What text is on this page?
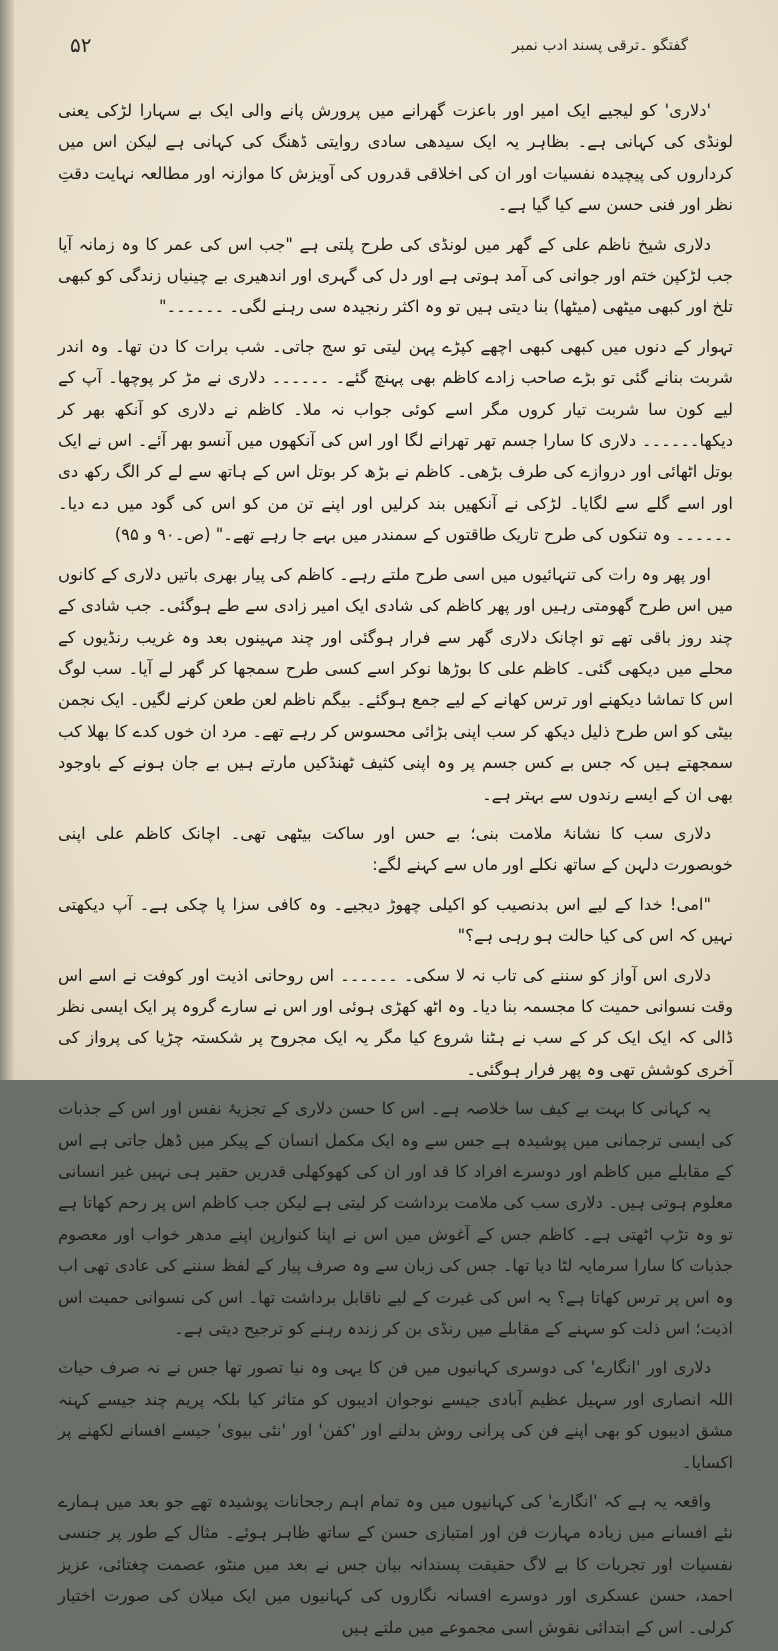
۵۲	گفتگو ۔ترقی پسند ادب نمبر

'دلاری' کو لیجیے ایک امیر اور باعزت گھرانے میں پرورش پانے والی ایک بے سہارا لڑکی یعنی لونڈی کی کہانی ہے۔ بظاہر یہ ایک سیدھی سادی روایتی ڈھنگ کی کہانی ہے لیکن اس میں کرداروں کی پیچیدہ نفسیات اور ان کی اخلاقی قدروں کی آویزش کا موازنہ اور مطالعہ نہایت دقتِ نظر اور فنی حسن سے کیا گیا ہے۔

دلاری شیخ ناظم علی کے گھر میں لونڈی کی طرح پلتی ہے "جب اس کی عمر کا وہ زمانہ آیا جب لڑکپن ختم اور جوانی کی آمد ہوتی ہے اور دل کی گہری اور اندھیری بے چینیاں زندگی کو کبھی تلخ اور کبھی میٹھی (میٹھا) بنا دیتی ہیں تو وہ اکثر رنجیدہ سی رہنے لگی۔ ۔۔۔۔۔۔"

تہوار کے دنوں میں کبھی کبھی اچھے کپڑے پہن لیتی تو سج جاتی۔ شب برات کا دن تھا۔ وہ اندر شربت بنانے گئی تو بڑے صاحب زادے کاظم بھی پہنچ گئے۔ ۔۔۔۔۔۔ دلاری نے مڑ کر پوچھا۔ آپ کے لیے کون سا شربت تیار کروں مگر اسے کوئی جواب نہ ملا۔ کاظم نے دلاری کو آنکھ بھر کر دیکھا۔۔۔۔۔۔ دلاری کا سارا جسم تھر تھرانے لگا اور اس کی آنکھوں میں آنسو بھر آئے۔ اس نے ایک بوتل اٹھائی اور دروازے کی طرف بڑھی۔ کاظم نے بڑھ کر بوتل اس کے ہاتھ سے لے کر الگ رکھ دی اور اسے گلے سے لگایا۔ لڑکی نے آنکھیں بند کرلیں اور اپنے تن من کو اس کی گود میں دے دیا۔ ۔۔۔۔۔۔ وہ تنکوں کی طرح تاریک طاقتوں کے سمندر میں بہے جا رہے تھے۔" (ص۔۹۰ و ۹۵)

اور پھر وہ رات کی تنہائیوں میں اسی طرح ملتے رہے۔ کاظم کی پیار بھری باتیں دلاری کے کانوں میں اس طرح گھومتی رہیں اور پھر کاظم کی شادی ایک امیر زادی سے طے ہوگئی۔ جب شادی کے چند روز باقی تھے تو اچانک دلاری گھر سے فرار ہوگئی اور چند مہینوں بعد وہ غریب رنڈیوں کے محلے میں دیکھی گئی۔ کاظم علی کا بوڑھا نوکر اسے کسی طرح سمجھا کر گھر لے آیا۔ سب لوگ اس کا تماشا دیکھنے اور ترس کھانے کے لیے جمع ہوگئے۔ بیگم ناظم لعن طعن کرنے لگیں۔ ایک نجمن بیٹی کو اس طرح ذلیل دیکھ کر سب اپنی بڑائی محسوس کر رہے تھے۔ مرد ان خوں کدے کا بھلا کب سمجھتے ہیں کہ جس بے کس جسم پر وہ اپنی کثیف ٹھنڈکیں مارتے ہیں بے جان ہونے کے باوجود بھی ان کے ایسے رندوں سے بہتر ہے۔

دلاری سب کا نشانۂ ملامت بنی؛ بے حس اور ساکت بیٹھی تھی۔ اچانک کاظم علی اپنی خوبصورت دلہن کے ساتھ نکلے اور ماں سے کہنے لگے:

"امی! خدا کے لیے اس بدنصیب کو اکیلی چھوڑ دیجیے۔ وہ کافی سزا پا چکی ہے۔ آپ دیکھتی نہیں کہ اس کی کیا حالت ہو رہی ہے؟"

دلاری اس آواز کو سننے کی تاب نہ لا سکی۔ ۔۔۔۔۔۔ اس روحانی اذیت اور کوفت نے اسے اس وقت نسوانی حمیت کا مجسمہ بنا دیا۔ وہ اٹھ کھڑی ہوئی اور اس نے سارے گروہ پر ایک ایسی نظر ڈالی کہ ایک ایک کر کے سب نے ہٹنا شروع کیا مگر یہ ایک مجروح پر شکستہ چڑیا کی پرواز کی آخری کوشش تھی وہ پھر فرار ہوگئی۔

یہ کہانی کا بہت بے کیف سا خلاصہ ہے۔ اس کا حسن دلاری کے تجزیۂ نفس اور اس کے جذبات کی ایسی ترجمانی میں پوشیدہ ہے جس سے وہ ایک مکمل انسان کے پیکر میں ڈھل جاتی ہے اس کے مقابلے میں کاظم اور دوسرے افراد کا قد اور ان کی کھوکھلی قدریں حقیر ہی نہیں غیر انسانی معلوم ہوتی ہیں۔ دلاری سب کی ملامت برداشت کر لیتی ہے لیکن جب کاظم اس پر رحم کھاتا ہے تو وہ تڑپ اٹھتی ہے۔ کاظم جس کے آغوش میں اس نے اپنا کنوارپن اپنے مدھر خواب اور معصوم جذبات کا سارا سرمایہ لٹا دیا تھا۔ جس کی زبان سے وہ صرف پیار کے لفظ سننے کی عادی تھی اب وہ اس پر ترس کھاتا ہے؟ یہ اس کی غیرت کے لیے ناقابل برداشت تھا۔ اس کی نسوانی حمیت اس اذیت؛ اس ذلت کو سہنے کے مقابلے میں رنڈی بن کر زندہ رہنے کو ترجیح دیتی ہے۔

دلاری اور 'انگارے' کی دوسری کہانیوں میں فن کا یہی وہ نیا تصور تھا جس نے نہ صرف حیات اللہ انصاری اور سہیل عظیم آبادی جیسے نوجوان ادیبوں کو متاثر کیا بلکہ پریم چند جیسے کہنہ مشق ادیبوں کو بھی اپنے فن کی پرانی روش بدلنے اور 'کفن' اور 'نئی بیوی' جیسے افسانے لکھنے پر اکسایا۔

واقعہ یہ ہے کہ 'انگارے' کی کہانیوں میں وہ تمام اہم رجحانات پوشیدہ تھے جو بعد میں ہمارے نئے افسانے میں زیادہ مہارت فن اور امتیازی حسن کے ساتھ ظاہر ہوئے۔ مثال کے طور پر جنسی نفسیات اور تجربات کا بے لاگ حقیقت پسندانہ بیان جس نے بعد میں منٹو، عصمت چغتائی، عزیز احمد، حسن عسکری اور دوسرے افسانہ نگاروں کی کہانیوں میں ایک میلان کی صورت اختیار کرلی۔ اس کے ابتدائی نقوش اسی مجموعے میں ملتے ہیں
